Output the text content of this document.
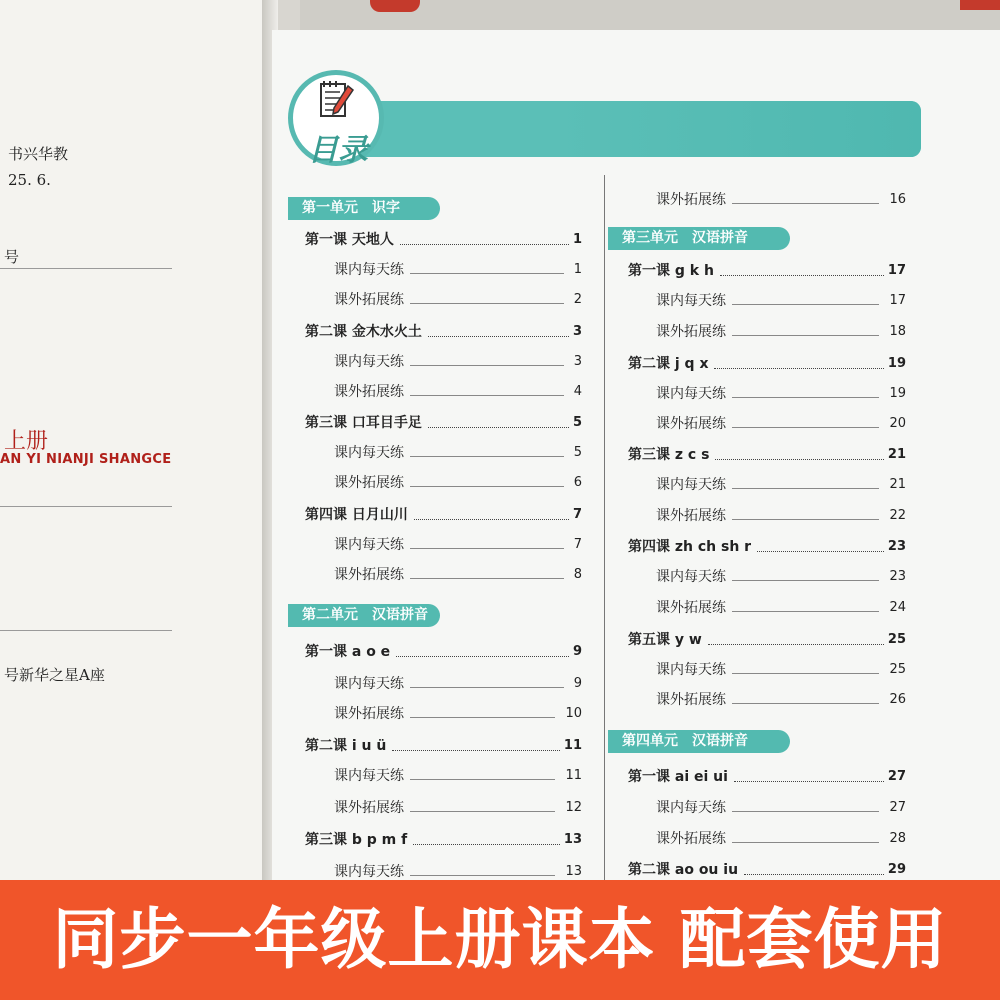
书兴华教
25. 6.
号
上册
AN YI NIANJI SHANGCE
号新华之星A座
目录
第一单元　识字
第一课 天地人	1
课内每天练	1
课外拓展练	2
第二课 金木水火土	3
课内每天练	3
课外拓展练	4
第三课 口耳目手足	5
课内每天练	5
课外拓展练	6
第四课 日月山川	7
课内每天练	7
课外拓展练	8
第二单元　汉语拼音
第一课 a o e	9
课内每天练	9
课外拓展练	10
第二课 i u ü	11
课内每天练	11
课外拓展练	12
第三课 b p m f	13
课内每天练	13
课外拓展练	16
第三单元　汉语拼音
第一课 g k h	17
课内每天练	17
课外拓展练	18
第二课 j q x	19
课内每天练	19
课外拓展练	20
第三课 z c s	21
课内每天练	21
课外拓展练	22
第四课 zh ch sh r	23
课内每天练	23
课外拓展练	24
第五课 y w	25
课内每天练	25
课外拓展练	26
第四单元　汉语拼音
第一课 ai ei ui	27
课内每天练	27
课外拓展练	28
第二课 ao ou iu	29
同步一年级上册课本 配套使用
